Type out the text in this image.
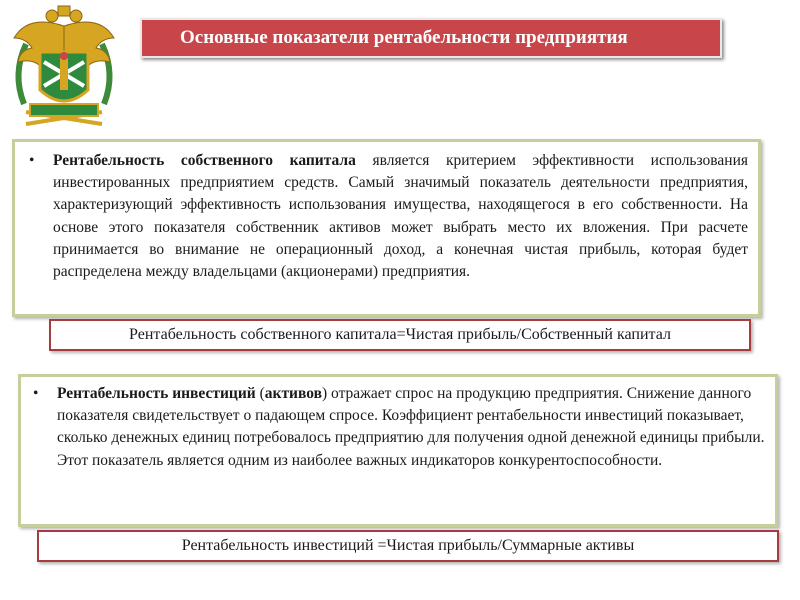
Основные показатели рентабельности предприятия
•	Рентабельность собственного капитала является критерием эффективности использования инвестированных предприятием средств. Самый значимый показатель деятельности предприятия, характеризующий эффективность использования имущества, находящегося в его собственности. На основе этого показателя собственник активов может выбрать место их вложения. При расчете принимается во внимание не операционный доход, а конечная чистая прибыль, которая будет распределена между владельцами (акционерами) предприятия.
Рентабельность собственного капитала=Чистая прибыль/Собственный капитал
•	Рентабельность инвестиций (активов) отражает спрос на продукцию предприятия. Снижение данного показателя свидетельствует о падающем спросе. Коэффициент рентабельности инвестиций показывает, сколько денежных единиц потребовалось предприятию для получения одной денежной единицы прибыли. Этот показатель является одним из наиболее важных индикаторов конкурентоспособности.
Рентабельность инвестиций =Чистая прибыль/Суммарные активы
